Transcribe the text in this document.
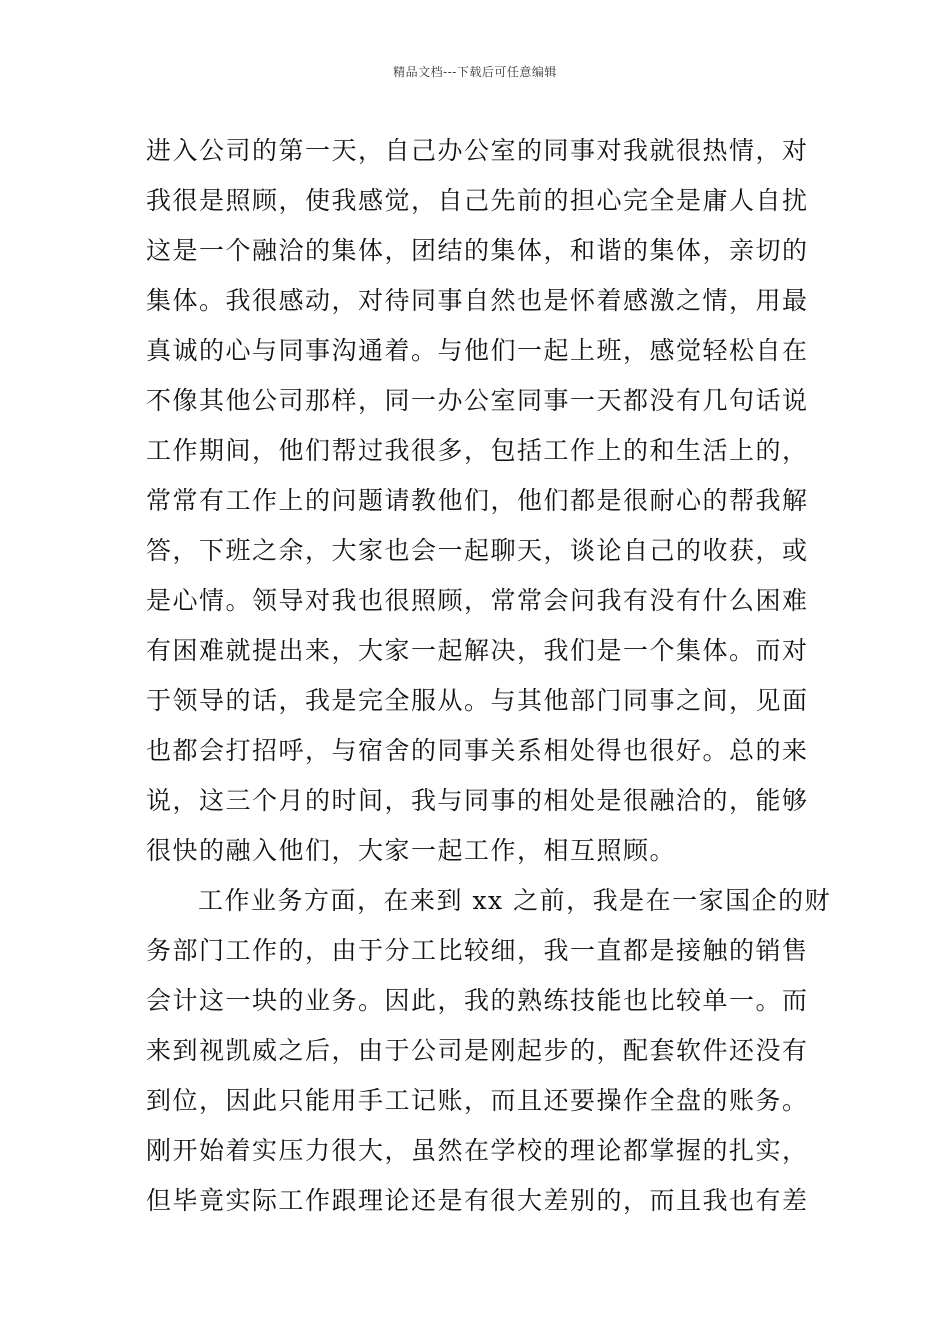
精品文档---下载后可任意编辑
进入公司的第一天，自己办公室的同事对我就很热情，对
我很是照顾，使我感觉，自己先前的担心完全是庸人自扰
这是一个融洽的集体，团结的集体，和谐的集体，亲切的
集体。我很感动，对待同事自然也是怀着感激之情，用最
真诚的心与同事沟通着。与他们一起上班，感觉轻松自在
不像其他公司那样，同一办公室同事一天都没有几句话说
工作期间，他们帮过我很多，包括工作上的和生活上的，
常常有工作上的问题请教他们，他们都是很耐心的帮我解
答，下班之余，大家也会一起聊天，谈论自己的收获，或
是心情。领导对我也很照顾，常常会问我有没有什么困难
有困难就提出来，大家一起解决，我们是一个集体。而对
于领导的话，我是完全服从。与其他部门同事之间，见面
也都会打招呼，与宿舍的同事关系相处得也很好。总的来
说，这三个月的时间，我与同事的相处是很融洽的，能够
很快的融入他们，大家一起工作，相互照顾。
工作业务方面，在来到 xx 之前，我是在一家国企的财
务部门工作的，由于分工比较细，我一直都是接触的销售
会计这一块的业务。因此，我的熟练技能也比较单一。而
来到视凯威之后，由于公司是刚起步的，配套软件还没有
到位，因此只能用手工记账，而且还要操作全盘的账务。
刚开始着实压力很大，虽然在学校的理论都掌握的扎实，
但毕竟实际工作跟理论还是有很大差别的，而且我也有差
